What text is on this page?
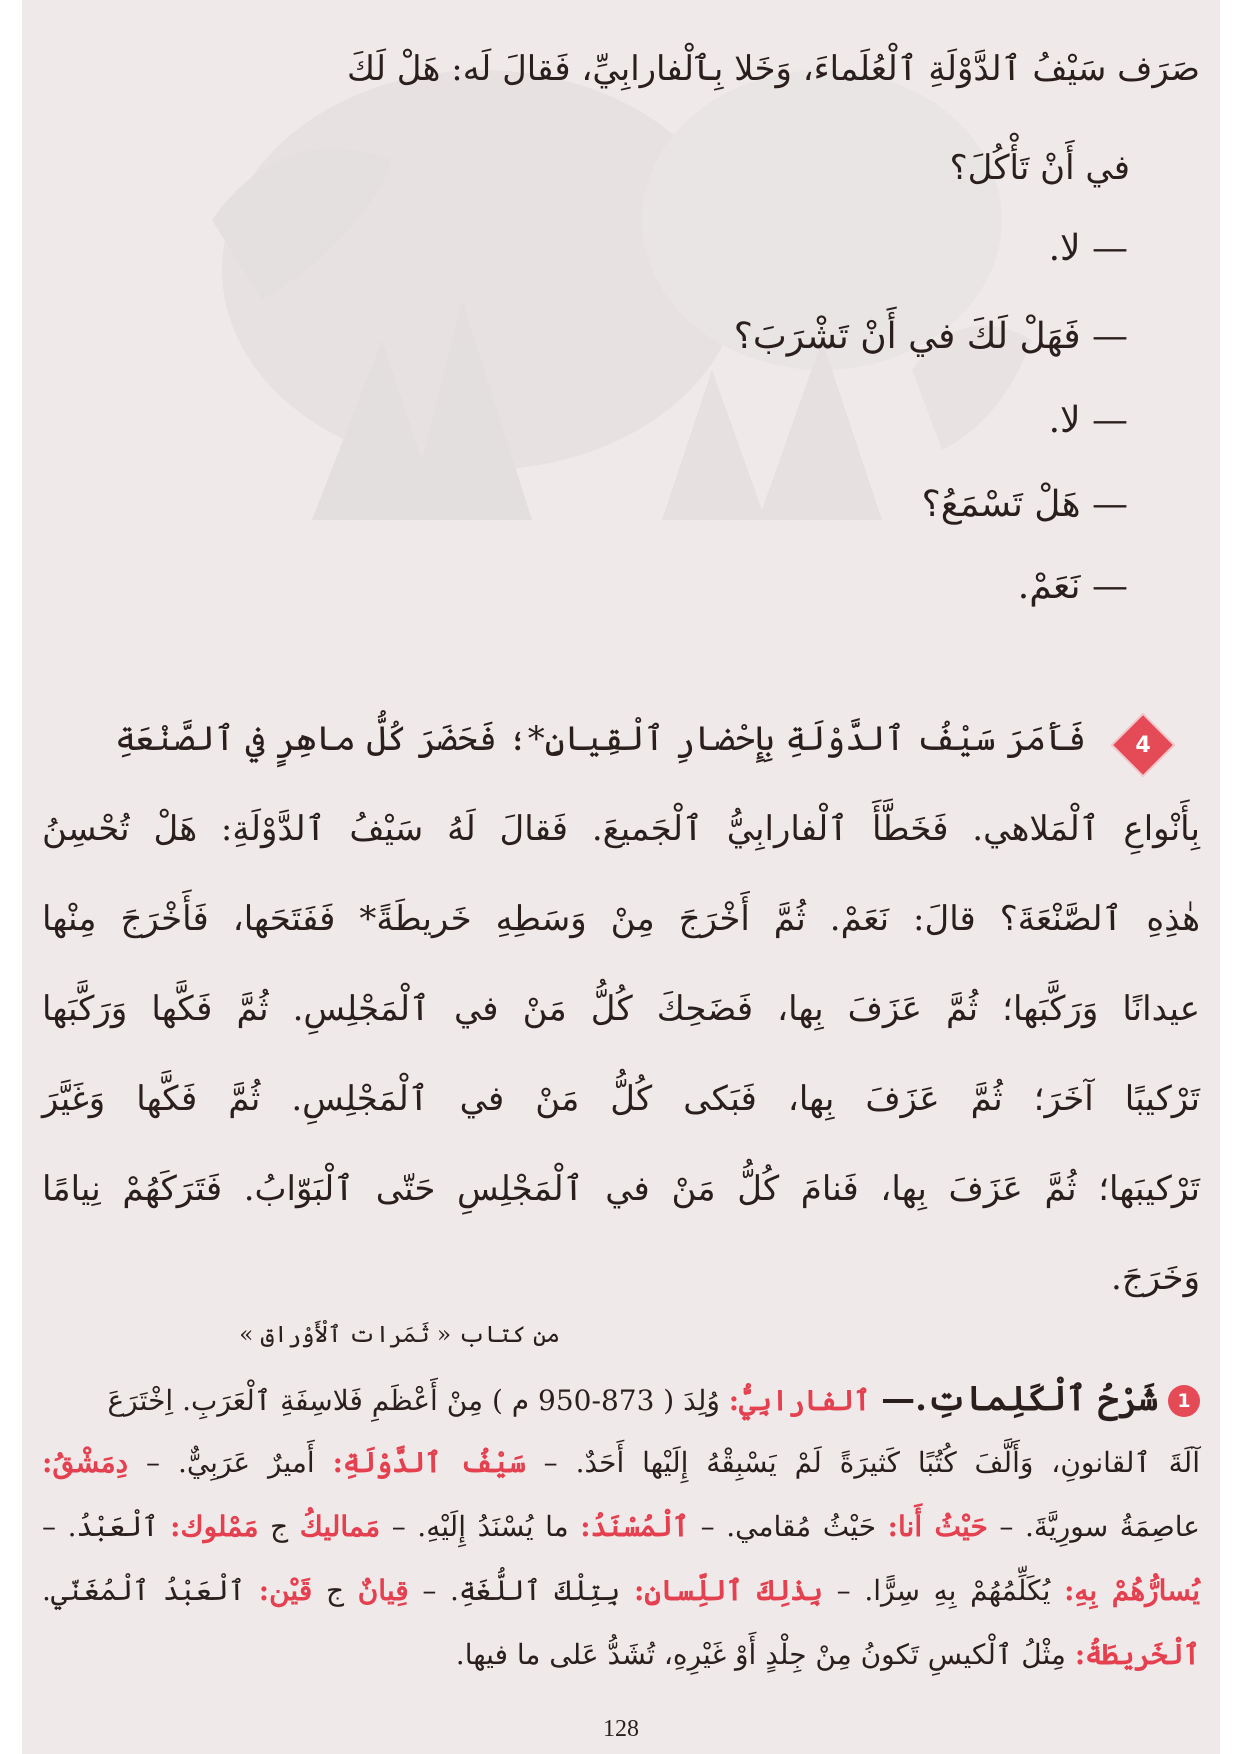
صَرَف سَيْفُ ٱلدَّوْلَةِ ٱلْعُلَماءَ، وَخَلا بِٱلْفارابِيِّ، فَقالَ لَه: هَلْ لَكَ
في أَنْ تَأْكُلَ؟
— لا.
— فَهَلْ لَكَ في أَنْ تَشْرَبَ؟
— لا.
— هَلْ تَسْمَعُ؟
— نَعَمْ.
4
فَأَمَرَ سَيْفُ ٱلدَّوْلَةِ بِإِحْضارِ ٱلْقِيانِ*؛ فَحَضَرَ كُلُّ ماهِرٍ في ٱلصَّنْعَةِ
بِأَنْواعِ ٱلْمَلاهي. فَخَطَّأَ ٱلْفارابِيُّ ٱلْجَميعَ. فَقالَ لَهُ سَيْفُ ٱلدَّوْلَةِ: هَلْ تُحْسِنُ
هٰذِهِ ٱلصَّنْعَةَ؟ قالَ: نَعَمْ. ثُمَّ أَخْرَجَ مِنْ وَسَطِهِ خَريطَةً* فَفَتَحَها، فَأَخْرَجَ مِنْها
عيدانًا وَرَكَّبَها؛ ثُمَّ عَزَفَ بِها، فَضَحِكَ كُلُّ مَنْ في ٱلْمَجْلِسِ. ثُمَّ فَكَّها وَرَكَّبَها
تَرْكيبًا آخَرَ؛ ثُمَّ عَزَفَ بِها، فَبَكى كُلُّ مَنْ في ٱلْمَجْلِسِ. ثُمَّ فَكَّها وَغَيَّرَ
تَرْكيبَها؛ ثُمَّ عَزَفَ بِها، فَنامَ كُلُّ مَنْ في ٱلْمَجْلِسِ حَتّى ٱلْبَوّابُ. فَتَرَكَهُمْ نِيامًا
وَخَرَجَ.
من كتاب « ثَمَرات ٱلْأَوْراق »
1شَرْحُ ٱلْكَلِماتِ.— ٱلفارابِيُّ: وُلِدَ ( 873-950 م ) مِنْ أَعْظَمِ فَلاسِفَةِ ٱلْعَرَبِ. اِخْتَرَعَ
آلَةَ ٱلقانونِ، وَأَلَّفَ كُتُبًا كَثيرَةً لَمْ يَسْبِقْهُ إِلَيْها أَحَدٌ. – سَيْفُ ٱلدَّوْلَةِ: أَميرٌ عَرَبِيٌّ. – دِمَشْقُ:
عاصِمَةُ سورِيَّةَ. – حَيْثُ أَنا: حَيْثُ مُقامي. – ٱلْمُسْنَدُ: ما يُسْنَدُ إِلَيْهِ. – مَماليكُ ج مَمْلوك: ٱلْعَبْدُ. –
يُسارُّهُمْ بِهِ: يُكَلِّمُهُمْ بِهِ سِرًّا. – بِذٰلِكَ ٱللِّسانِ: بِتِلْكَ ٱللُّغَةِ. – قِيانٌ ج قَيْن: ٱلْعَبْدُ ٱلْمُغَنّي.
ٱلْخَريطَةُ: مِثْلُ ٱلْكيسِ تَكونُ مِنْ جِلْدٍ أَوْ غَيْرِهِ، تُشَدُّ عَلى ما فيها.
128
